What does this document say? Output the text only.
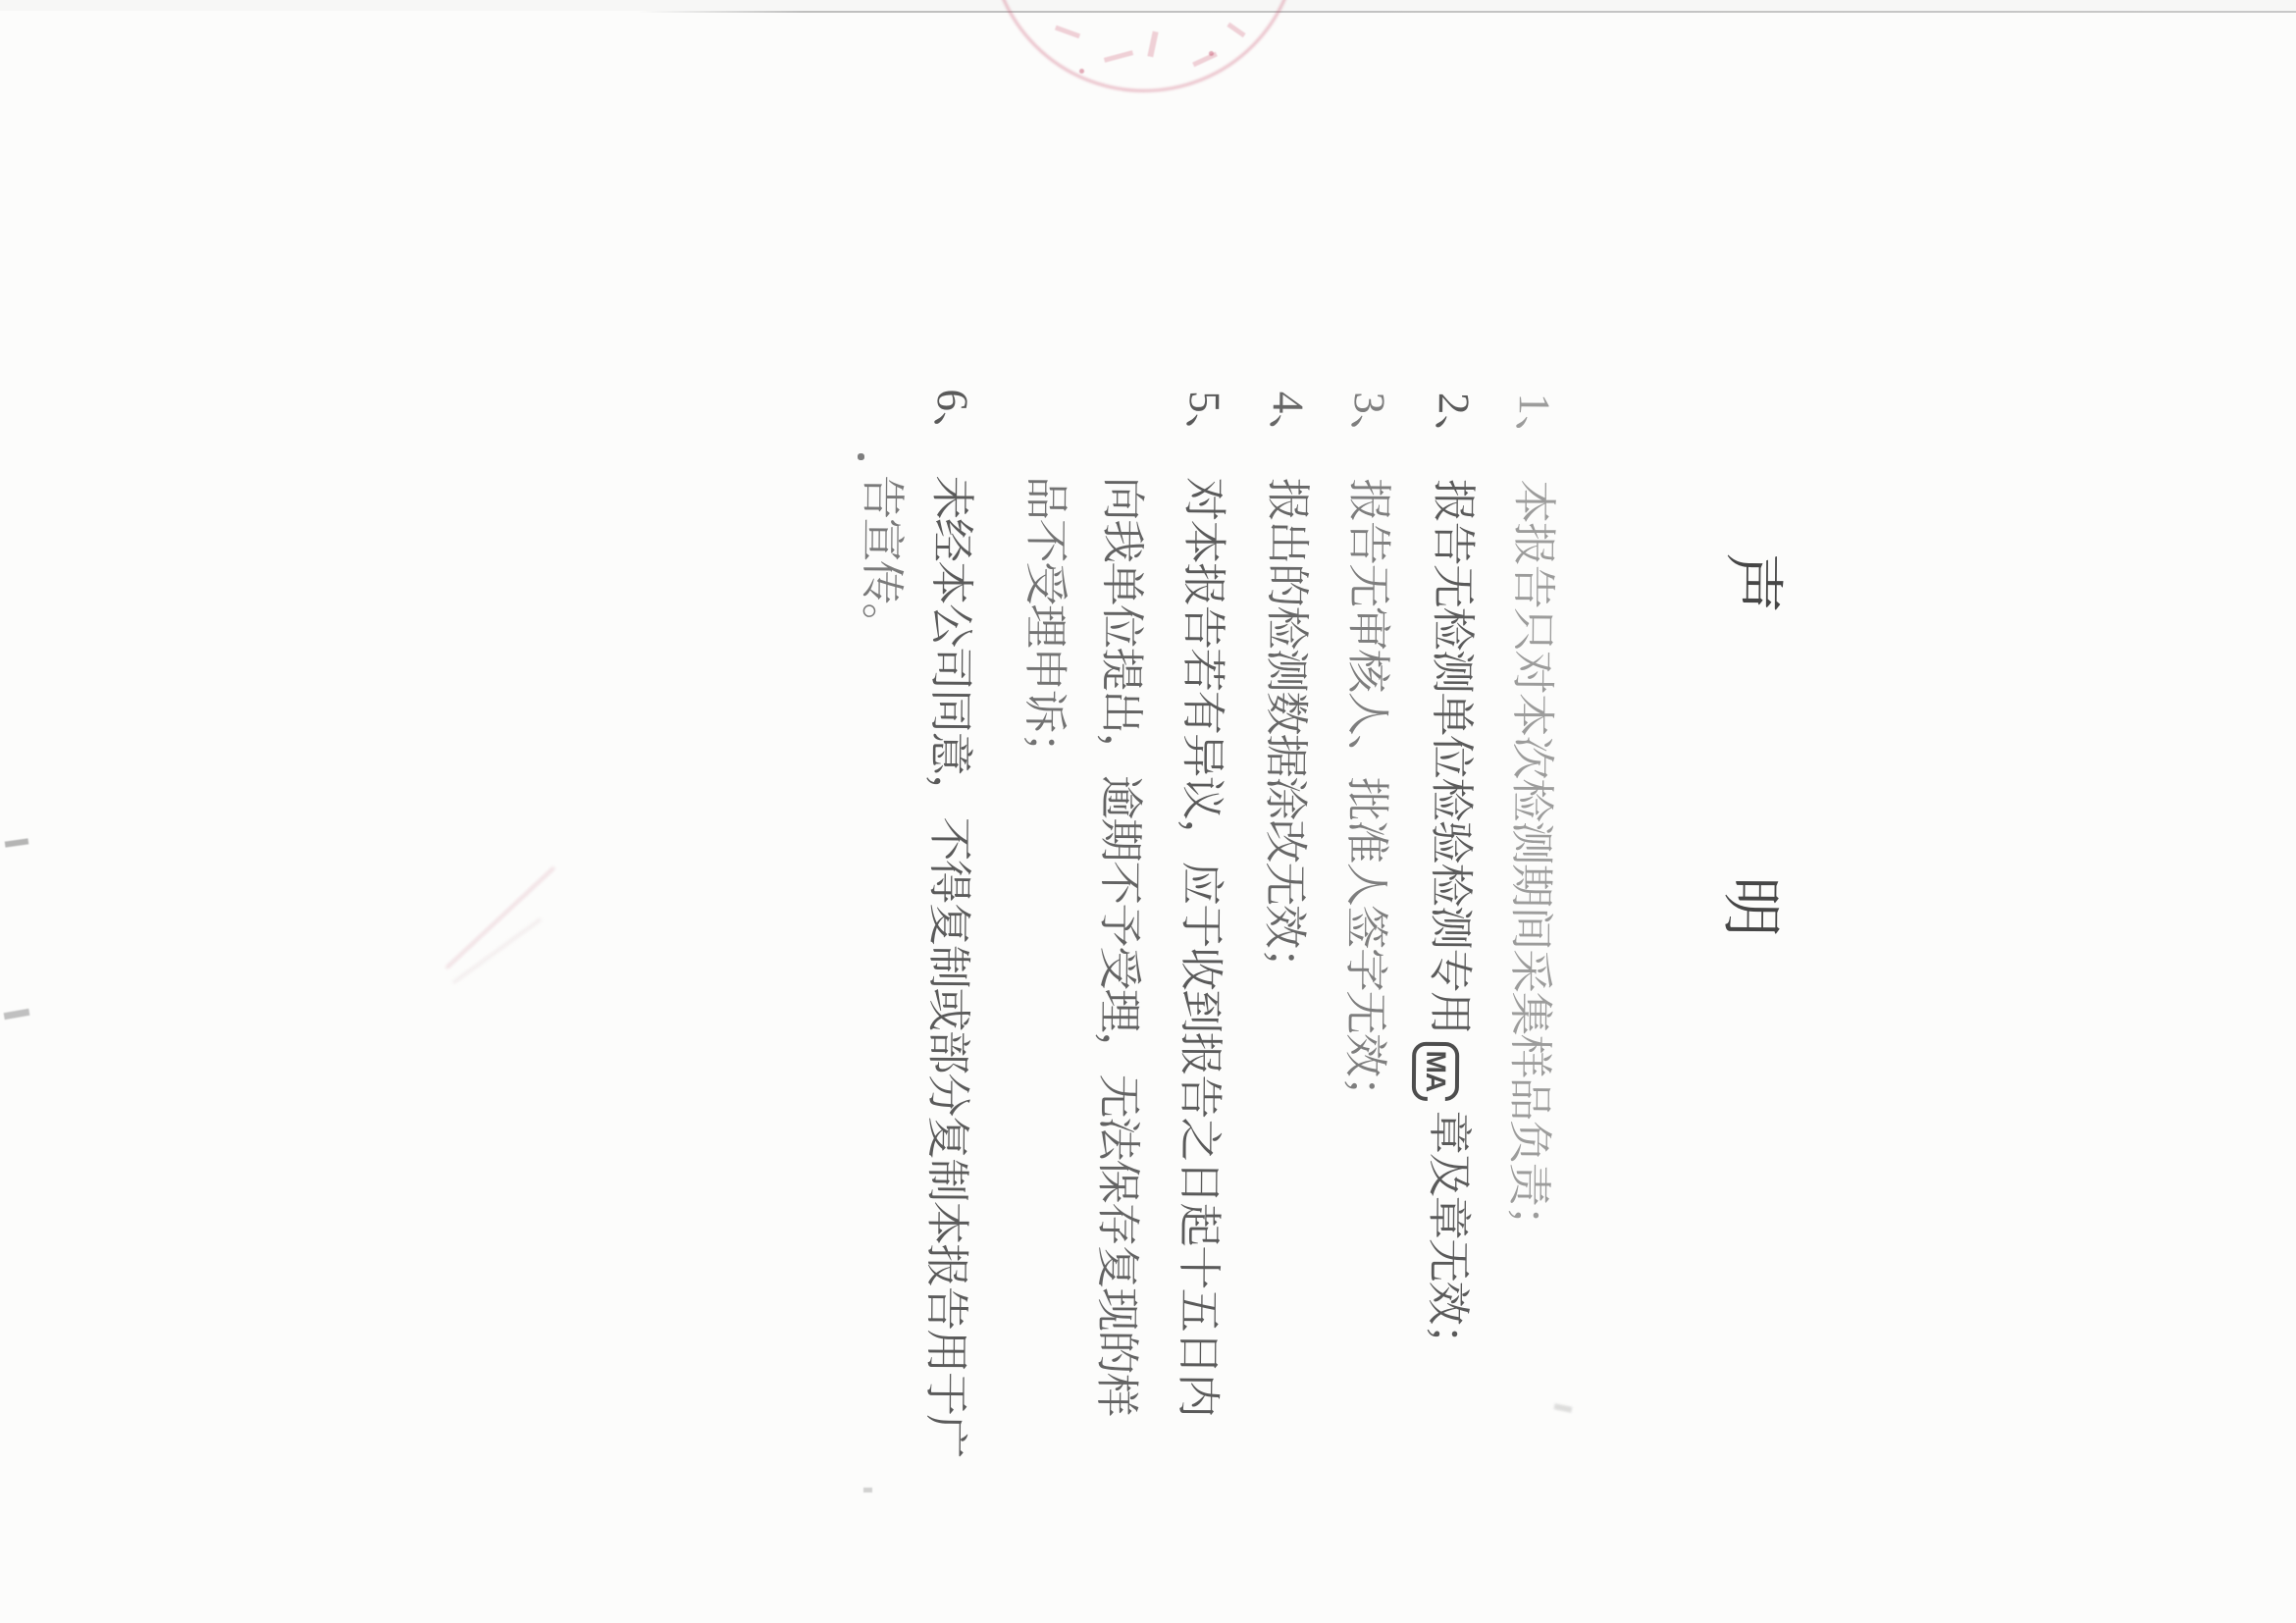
声明
1、本报告只对本次检测期间采集样品负责；
2、报告无检测单位检验检测专用MA章及章无效；
3、报告无审核人、批准人签字无效；
4、报出的检测数据涂改无效；
5、对本报告若有异议，应于收到报告之日起十五日内
向我单位提出，逾期不予受理，无法保存复现的样
品不受理申诉；
6、未经本公司同意，不得复制或部分复制本报告用于广
告宣传。
